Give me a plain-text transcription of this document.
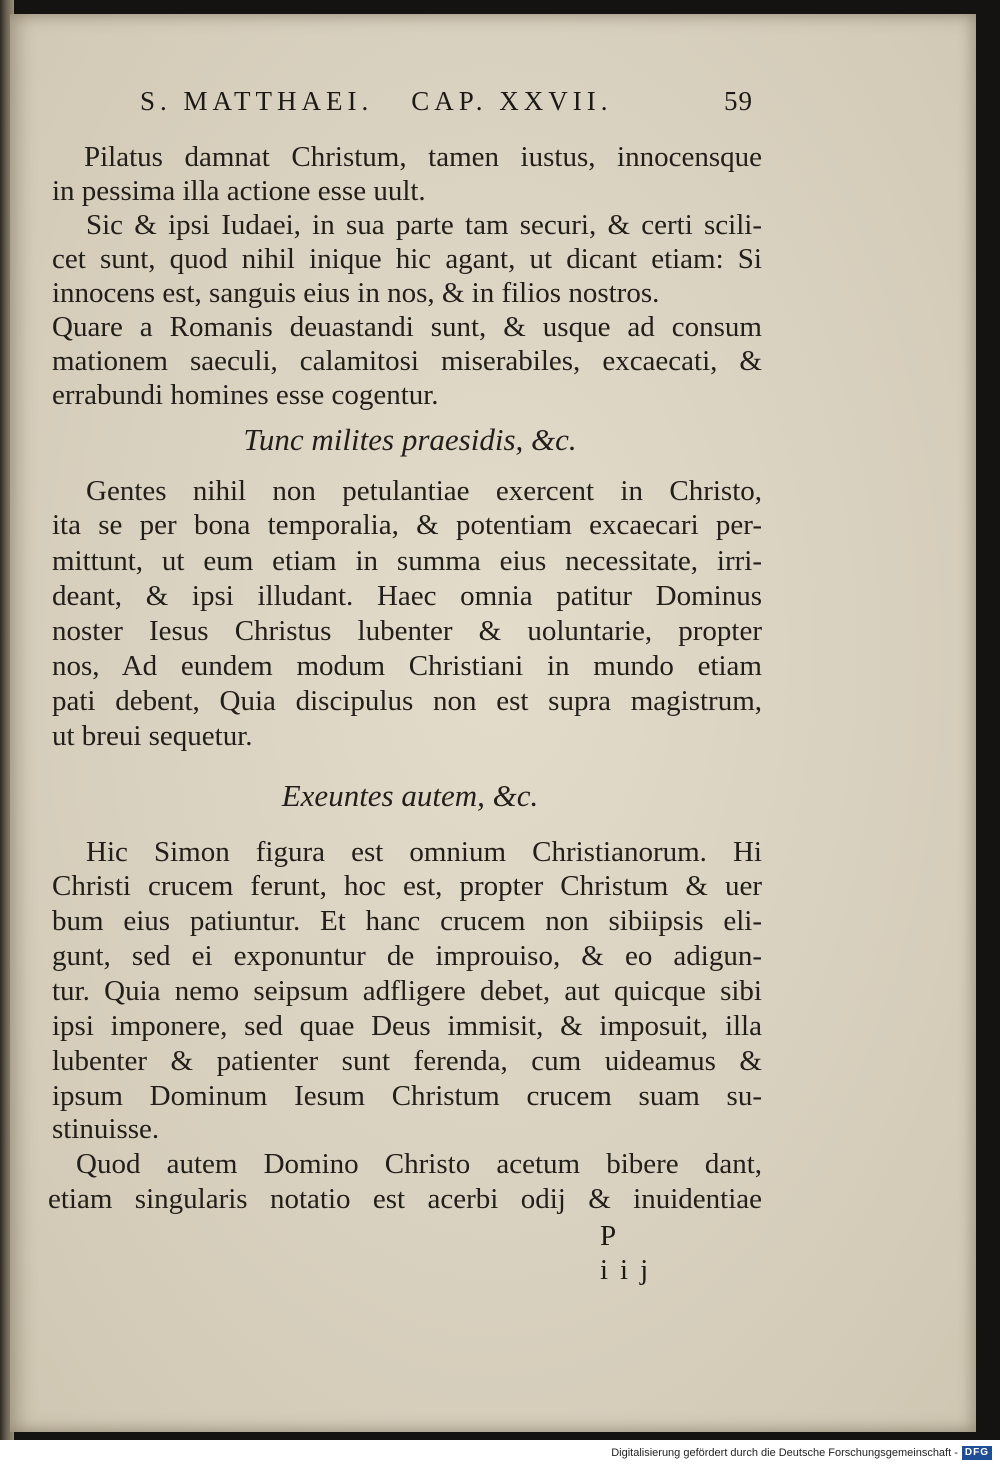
S. MATTHAEI. CAP. XXVII.	59
Pilatus damnat Christum, tamen iustus, innocensque
in pessima illa actione esse uult.
Sic & ipsi Iudaei, in sua parte tam securi, & certi scili-
cet sunt, quod nihil inique hic agant, ut dicant etiam: Si
innocens est, sanguis eius in nos, & in filios nostros.
Quare a Romanis deuastandi sunt, & usque ad consum
mationem saeculi, calamitosi miserabiles, excaecati, &
errabundi homines esse cogentur.
Tunc milites praesidis, &c.
Gentes nihil non petulantiae exercent in Christo,
ita se per bona temporalia, & potentiam excaecari per-
mittunt, ut eum etiam in summa eius necessitate, irri-
deant, & ipsi illudant. Haec omnia patitur Dominus
noster Iesus Christus lubenter & uoluntarie, propter
nos, Ad eundem modum Christiani in mundo etiam
pati debent, Quia discipulus non est supra magistrum,
ut breui sequetur.
Exeuntes autem, &c.
Hic Simon figura est omnium Christianorum. Hi
Christi crucem ferunt, hoc est, propter Christum & uer
bum eius patiuntur. Et hanc crucem non sibiipsis eli-
gunt, sed ei exponuntur de improuiso, & eo adigun-
tur. Quia nemo seipsum adfligere debet, aut quicque sibi
ipsi imponere, sed quae Deus immisit, & imposuit, illa
lubenter & patienter sunt ferenda, cum uideamus &
ipsum Dominum Iesum Christum crucem suam su-
stinuisse.
Quod autem Domino Christo acetum bibere dant,
etiam singularis notatio est acerbi odij & inuidentiae
P iij
Digitalisierung gefördert durch die Deutsche Forschungsgemeinschaft - DFG
